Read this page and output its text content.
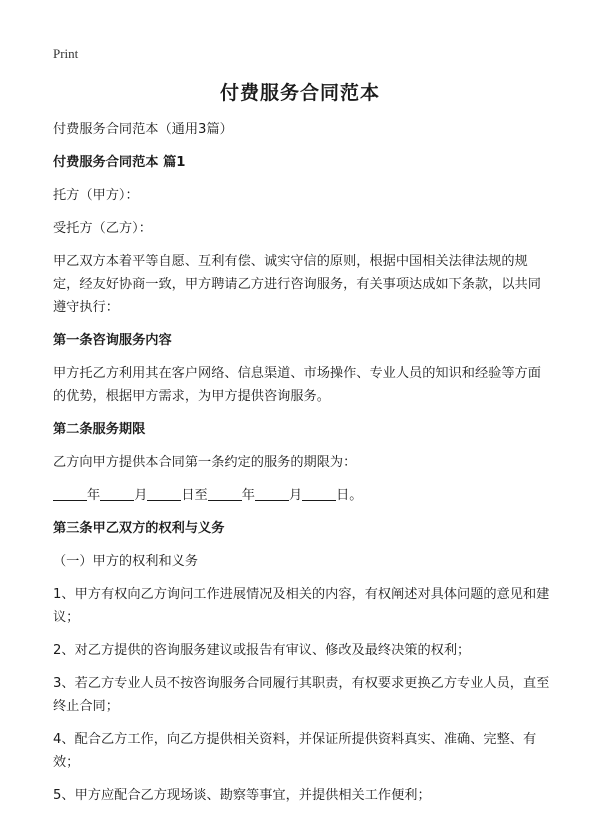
Print
付费服务合同范本

付费服务合同范本（通用3篇）

付费服务合同范本 篇1

托方（甲方）：

受托方（乙方）：

甲乙双方本着平等自愿、互利有偿、诚实守信的原则，根据中国相关法律法规的规定，经友好协商一致，甲方聘请乙方进行咨询服务，有关事项达成如下条款，以共同遵守执行：

第一条咨询服务内容

甲方托乙方利用其在客户网络、信息渠道、市场操作、专业人员的知识和经验等方面的优势，根据甲方需求，为甲方提供咨询服务。

第二条服务期限

乙方向甲方提供本合同第一条约定的服务的期限为：

年	月	日至	年	月	日。

第三条甲乙双方的权利与义务

（一）甲方的权利和义务

1、甲方有权向乙方询问工作进展情况及相关的内容，有权阐述对具体问题的意见和建议；

2、对乙方提供的咨询服务建议或报告有审议、修改及最终决策的权利；

3、若乙方专业人员不按咨询服务合同履行其职责，有权要求更换乙方专业人员，直至终止合同；

4、配合乙方工作，向乙方提供相关资料，并保证所提供资料真实、准确、完整、有效；

5、甲方应配合乙方现场谈、勘察等事宜，并提供相关工作便利；
